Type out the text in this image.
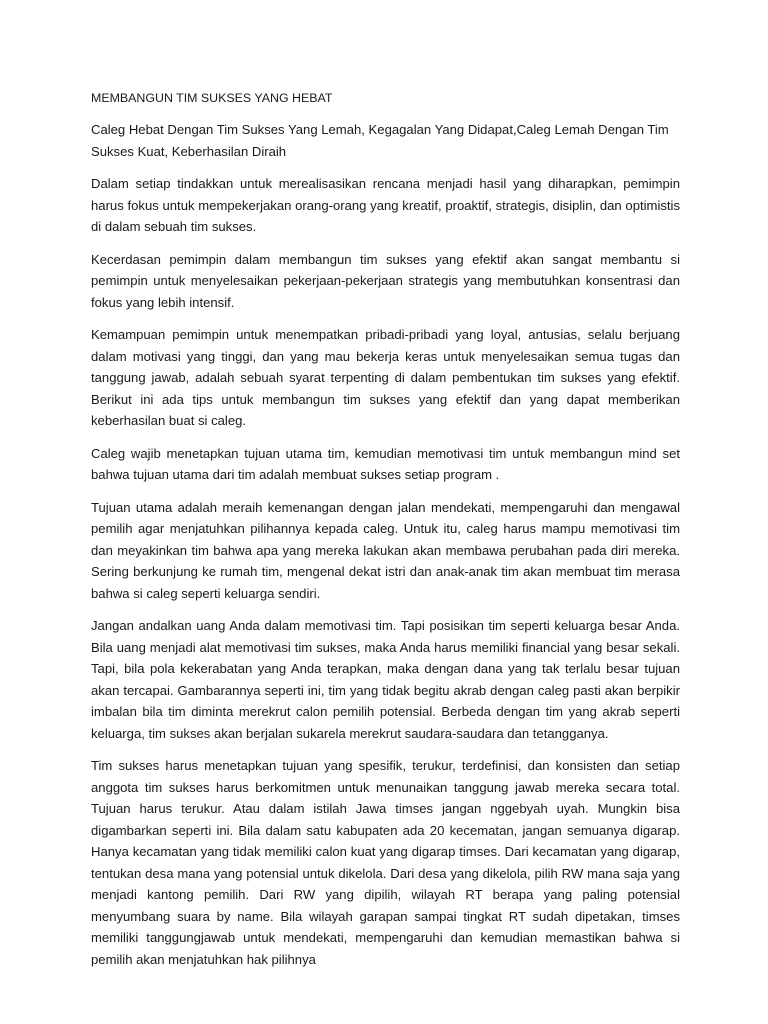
MEMBANGUN TIM SUKSES YANG HEBAT

Caleg Hebat Dengan Tim Sukses Yang Lemah, Kegagalan Yang Didapat,Caleg Lemah Dengan Tim Sukses Kuat, Keberhasilan Diraih

Dalam setiap tindakkan untuk merealisasikan rencana menjadi hasil yang diharapkan, pemimpin harus fokus untuk mempekerjakan orang-orang yang kreatif, proaktif, strategis, disiplin, dan optimistis di dalam sebuah tim sukses.

Kecerdasan pemimpin dalam membangun tim sukses yang efektif akan sangat membantu si pemimpin untuk menyelesaikan pekerjaan-pekerjaan strategis yang membutuhkan konsentrasi dan fokus yang lebih intensif.

Kemampuan pemimpin untuk menempatkan pribadi-pribadi yang loyal, antusias, selalu berjuang dalam motivasi yang tinggi, dan yang mau bekerja keras untuk menyelesaikan semua tugas dan tanggung jawab, adalah sebuah syarat terpenting di dalam pembentukan tim sukses yang efektif. Berikut ini ada tips untuk membangun tim sukses yang efektif dan yang dapat memberikan keberhasilan buat si caleg.

Caleg wajib menetapkan tujuan utama tim, kemudian memotivasi tim untuk membangun mind set bahwa tujuan utama dari tim adalah membuat sukses setiap program .

Tujuan utama adalah meraih kemenangan dengan jalan mendekati, mempengaruhi dan mengawal pemilih agar menjatuhkan pilihannya kepada caleg. Untuk itu, caleg harus mampu memotivasi tim dan meyakinkan tim bahwa apa yang mereka lakukan akan membawa perubahan pada diri mereka. Sering berkunjung ke rumah tim, mengenal dekat istri dan anak-anak tim akan membuat tim merasa bahwa si caleg seperti keluarga sendiri.

Jangan andalkan uang Anda dalam memotivasi tim. Tapi posisikan tim seperti keluarga besar Anda. Bila uang menjadi alat memotivasi tim sukses, maka Anda harus memiliki financial yang besar sekali. Tapi, bila pola kekerabatan yang Anda terapkan, maka dengan dana yang tak terlalu besar tujuan akan tercapai. Gambarannya seperti ini, tim yang tidak begitu akrab dengan caleg pasti akan berpikir imbalan bila tim diminta merekrut calon pemilih potensial. Berbeda dengan tim yang akrab seperti keluarga, tim sukses akan berjalan sukarela merekrut saudara-saudara dan tetangganya.

Tim sukses harus menetapkan tujuan yang spesifik, terukur, terdefinisi, dan konsisten dan setiap anggota tim sukses harus berkomitmen untuk menunaikan tanggung jawab mereka secara total. Tujuan harus terukur. Atau dalam istilah Jawa timses jangan nggebyah uyah. Mungkin bisa digambarkan seperti ini. Bila dalam satu kabupaten ada 20 kecematan, jangan semuanya digarap. Hanya kecamatan yang tidak memiliki calon kuat yang digarap timses. Dari kecamatan yang digarap, tentukan desa mana yang potensial untuk dikelola. Dari desa yang dikelola, pilih RW mana saja yang menjadi kantong pemilih. Dari RW yang dipilih, wilayah RT berapa yang paling potensial menyumbang suara by name. Bila wilayah garapan sampai tingkat RT sudah dipetakan, timses memiliki tanggungjawab untuk mendekati, mempengaruhi dan kemudian memastikan bahwa si pemilih akan menjatuhkan hak pilihnya
